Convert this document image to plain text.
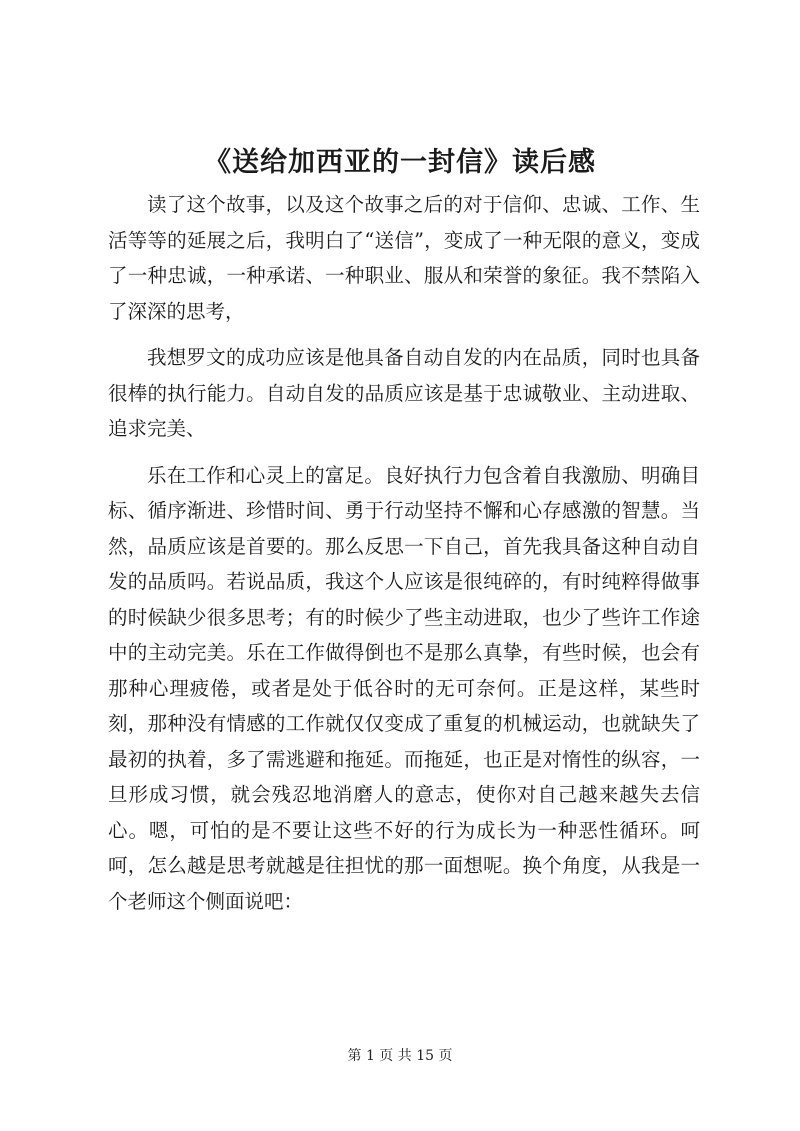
《送给加西亚的一封信》读后感

读了这个故事，以及这个故事之后的对于信仰、忠诚、工作、生活等等的延展之后，我明白了“送信”，变成了一种无限的意义，变成了一种忠诚，一种承诺、一种职业、服从和荣誉的象征。我不禁陷入了深深的思考，

我想罗文的成功应该是他具备自动自发的内在品质，同时也具备很棒的执行能力。自动自发的品质应该是基于忠诚敬业、主动进取、追求完美、

乐在工作和心灵上的富足。良好执行力包含着自我激励、明确目标、循序渐进、珍惜时间、勇于行动坚持不懈和心存感激的智慧。当然，品质应该是首要的。那么反思一下自己，首先我具备这种自动自发的品质吗。若说品质，我这个人应该是很纯碎的，有时纯粹得做事的时候缺少很多思考；有的时候少了些主动进取，也少了些许工作途中的主动完美。乐在工作做得倒也不是那么真挚，有些时候，也会有那种心理疲倦，或者是处于低谷时的无可奈何。正是这样，某些时刻，那种没有情感的工作就仅仅变成了重复的机械运动，也就缺失了最初的执着，多了需逃避和拖延。而拖延，也正是对惰性的纵容，一旦形成习惯，就会残忍地消磨人的意志，使你对自己越来越失去信心。嗯，可怕的是不要让这些不好的行为成长为一种恶性循环。呵呵，怎么越是思考就越是往担忧的那一面想呢。换个角度，从我是一个老师这个侧面说吧：

第 1 页 共 15 页
